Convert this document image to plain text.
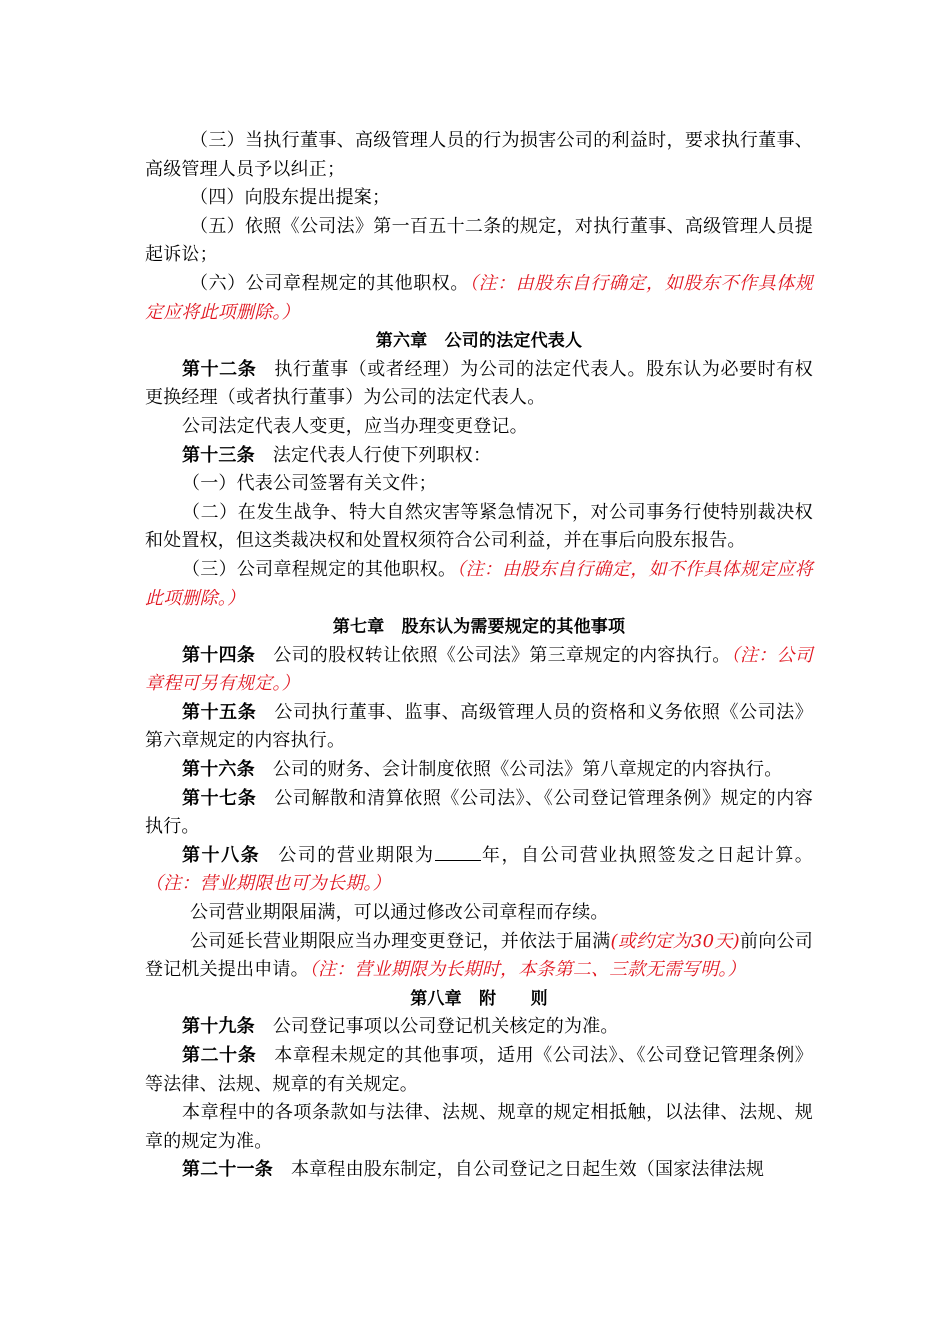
（三）当执行董事、高级管理人员的行为损害公司的利益时，要求执行董事、高级管理人员予以纠正；

（四）向股东提出提案；

（五）依照《公司法》第一百五十二条的规定，对执行董事、高级管理人员提起诉讼；

（六）公司章程规定的其他职权。（注：由股东自行确定，如股东不作具体规定应将此项删除。）

第六章　公司的法定代表人

第十二条 执行董事（或者经理）为公司的法定代表人。股东认为必要时有权更换经理（或者执行董事）为公司的法定代表人。

公司法定代表人变更，应当办理变更登记。

第十三条 法定代表人行使下列职权：

（一）代表公司签署有关文件；

（二）在发生战争、特大自然灾害等紧急情况下，对公司事务行使特别裁决权和处置权，但这类裁决权和处置权须符合公司利益，并在事后向股东报告。

（三）公司章程规定的其他职权。（注：由股东自行确定，如不作具体规定应将此项删除。）

第七章　股东认为需要规定的其他事项

第十四条 公司的股权转让依照《公司法》第三章规定的内容执行。（注：公司章程可另有规定。）

第十五条 公司执行董事、监事、高级管理人员的资格和义务依照《公司法》第六章规定的内容执行。

第十六条 公司的财务、会计制度依照《公司法》第八章规定的内容执行。

第十七条 公司解散和清算依照《公司法》、《公司登记管理条例》规定的内容执行。

第十八条 公司的营业期限为	年，自公司营业执照签发之日起计算。（注：营业期限也可为长期。）

公司营业期限届满，可以通过修改公司章程而存续。

公司延长营业期限应当办理变更登记，并依法于届满(或约定为30天)前向公司登记机关提出申请。（注：营业期限为长期时，本条第二、三款无需写明。）

第八章　附　　则

第十九条 公司登记事项以公司登记机关核定的为准。

第二十条 本章程未规定的其他事项，适用《公司法》、《公司登记管理条例》等法律、法规、规章的有关规定。

本章程中的各项条款如与法律、法规、规章的规定相抵触，以法律、法规、规章的规定为准。

第二十一条 本章程由股东制定，自公司登记之日起生效（国家法律法规
